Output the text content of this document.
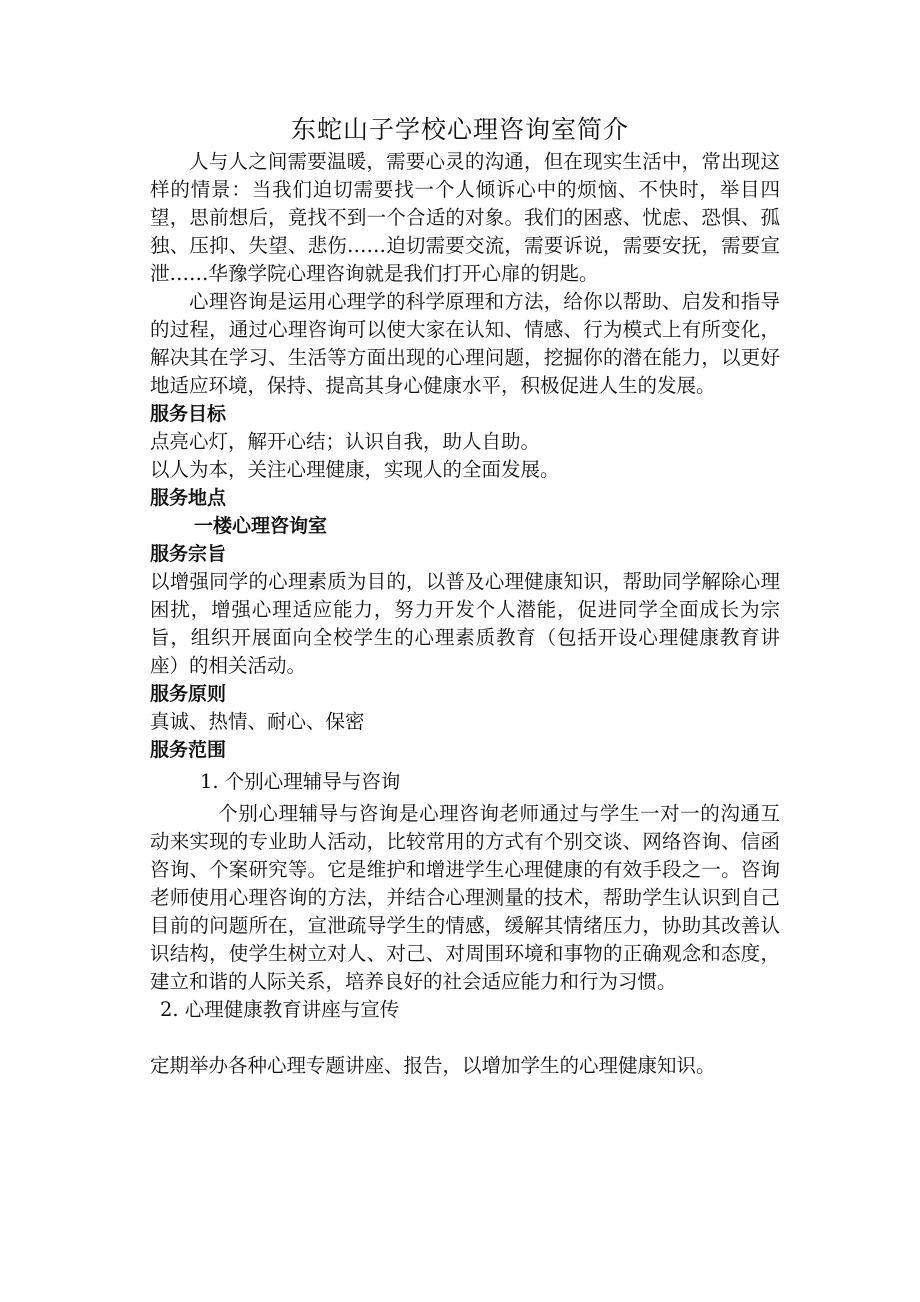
东蛇山子学校心理咨询室简介

人与人之间需要温暖，需要心灵的沟通，但在现实生活中，常出现这样的情景：当我们迫切需要找一个人倾诉心中的烦恼、不快时，举目四望，思前想后，竟找不到一个合适的对象。我们的困惑、忧虑、恐惧、孤独、压抑、失望、悲伤……迫切需要交流，需要诉说，需要安抚，需要宣泄……华豫学院心理咨询就是我们打开心扉的钥匙。

心理咨询是运用心理学的科学原理和方法，给你以帮助、启发和指导的过程，通过心理咨询可以使大家在认知、情感、行为模式上有所变化，解决其在学习、生活等方面出现的心理问题，挖掘你的潜在能力，以更好地适应环境，保持、提高其身心健康水平，积极促进人生的发展。

服务目标

点亮心灯，解开心结；认识自我，助人自助。

以人为本，关注心理健康，实现人的全面发展。

服务地点

一楼心理咨询室

服务宗旨

以增强同学的心理素质为目的，以普及心理健康知识，帮助同学解除心理困扰，增强心理适应能力，努力开发个人潜能，促进同学全面成长为宗旨，组织开展面向全校学生的心理素质教育（包括开设心理健康教育讲座）的相关活动。

服务原则

真诚、热情、耐心、保密

服务范围

1. 个别心理辅导与咨询

个别心理辅导与咨询是心理咨询老师通过与学生一对一的沟通互动来实现的专业助人活动，比较常用的方式有个别交谈、网络咨询、信函咨询、个案研究等。它是维护和增进学生心理健康的有效手段之一。咨询老师使用心理咨询的方法，并结合心理测量的技术，帮助学生认识到自己目前的问题所在，宣泄疏导学生的情感，缓解其情绪压力，协助其改善认识结构，使学生树立对人、对己、对周围环境和事物的正确观念和态度，建立和谐的人际关系，培养良好的社会适应能力和行为习惯。

2. 心理健康教育讲座与宣传

定期举办各种心理专题讲座、报告，以增加学生的心理健康知识。
